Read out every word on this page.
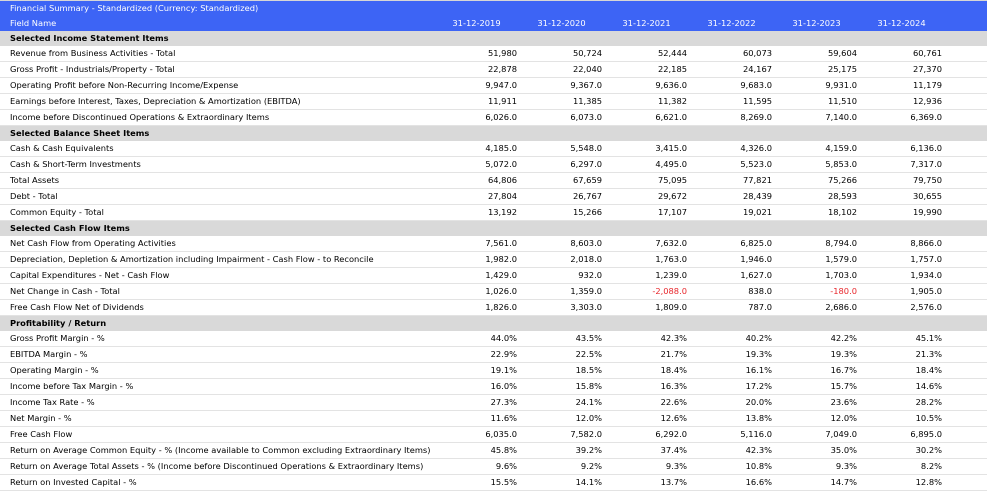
Financial Summary - Standardized (Currency: Standardized)
Field Name	31-12-2019	31-12-2020	31-12-2021	31-12-2022	31-12-2023	31-12-2024
Selected Income Statement Items
Revenue from Business Activities - Total	51,980	50,724	52,444	60,073	59,604	60,761
Gross Profit - Industrials/Property - Total	22,878	22,040	22,185	24,167	25,175	27,370
Operating Profit before Non-Recurring Income/Expense	9,947.0	9,367.0	9,636.0	9,683.0	9,931.0	11,179
Earnings before Interest, Taxes, Depreciation & Amortization (EBITDA)	11,911	11,385	11,382	11,595	11,510	12,936
Income before Discontinued Operations & Extraordinary Items	6,026.0	6,073.0	6,621.0	8,269.0	7,140.0	6,369.0
Selected Balance Sheet Items
Cash & Cash Equivalents	4,185.0	5,548.0	3,415.0	4,326.0	4,159.0	6,136.0
Cash & Short-Term Investments	5,072.0	6,297.0	4,495.0	5,523.0	5,853.0	7,317.0
Total Assets	64,806	67,659	75,095	77,821	75,266	79,750
Debt - Total	27,804	26,767	29,672	28,439	28,593	30,655
Common Equity - Total	13,192	15,266	17,107	19,021	18,102	19,990
Selected Cash Flow Items
Net Cash Flow from Operating Activities	7,561.0	8,603.0	7,632.0	6,825.0	8,794.0	8,866.0
Depreciation, Depletion & Amortization including Impairment - Cash Flow - to Reconcile	1,982.0	2,018.0	1,763.0	1,946.0	1,579.0	1,757.0
Capital Expenditures - Net - Cash Flow	1,429.0	932.0	1,239.0	1,627.0	1,703.0	1,934.0
Net Change in Cash - Total	1,026.0	1,359.0	-2,088.0	838.0	-180.0	1,905.0
Free Cash Flow Net of Dividends	1,826.0	3,303.0	1,809.0	787.0	2,686.0	2,576.0
Profitability / Return
Gross Profit Margin - %	44.0%	43.5%	42.3%	40.2%	42.2%	45.1%
EBITDA Margin - %	22.9%	22.5%	21.7%	19.3%	19.3%	21.3%
Operating Margin - %	19.1%	18.5%	18.4%	16.1%	16.7%	18.4%
Income before Tax Margin - %	16.0%	15.8%	16.3%	17.2%	15.7%	14.6%
Income Tax Rate - %	27.3%	24.1%	22.6%	20.0%	23.6%	28.2%
Net Margin - %	11.6%	12.0%	12.6%	13.8%	12.0%	10.5%
Free Cash Flow	6,035.0	7,582.0	6,292.0	5,116.0	7,049.0	6,895.0
Return on Average Common Equity - % (Income available to Common excluding Extraordinary Items)	45.8%	39.2%	37.4%	42.3%	35.0%	30.2%
Return on Average Total Assets - % (Income before Discontinued Operations & Extraordinary Items)	9.6%	9.2%	9.3%	10.8%	9.3%	8.2%
Return on Invested Capital - %	15.5%	14.1%	13.7%	16.6%	14.7%	12.8%
